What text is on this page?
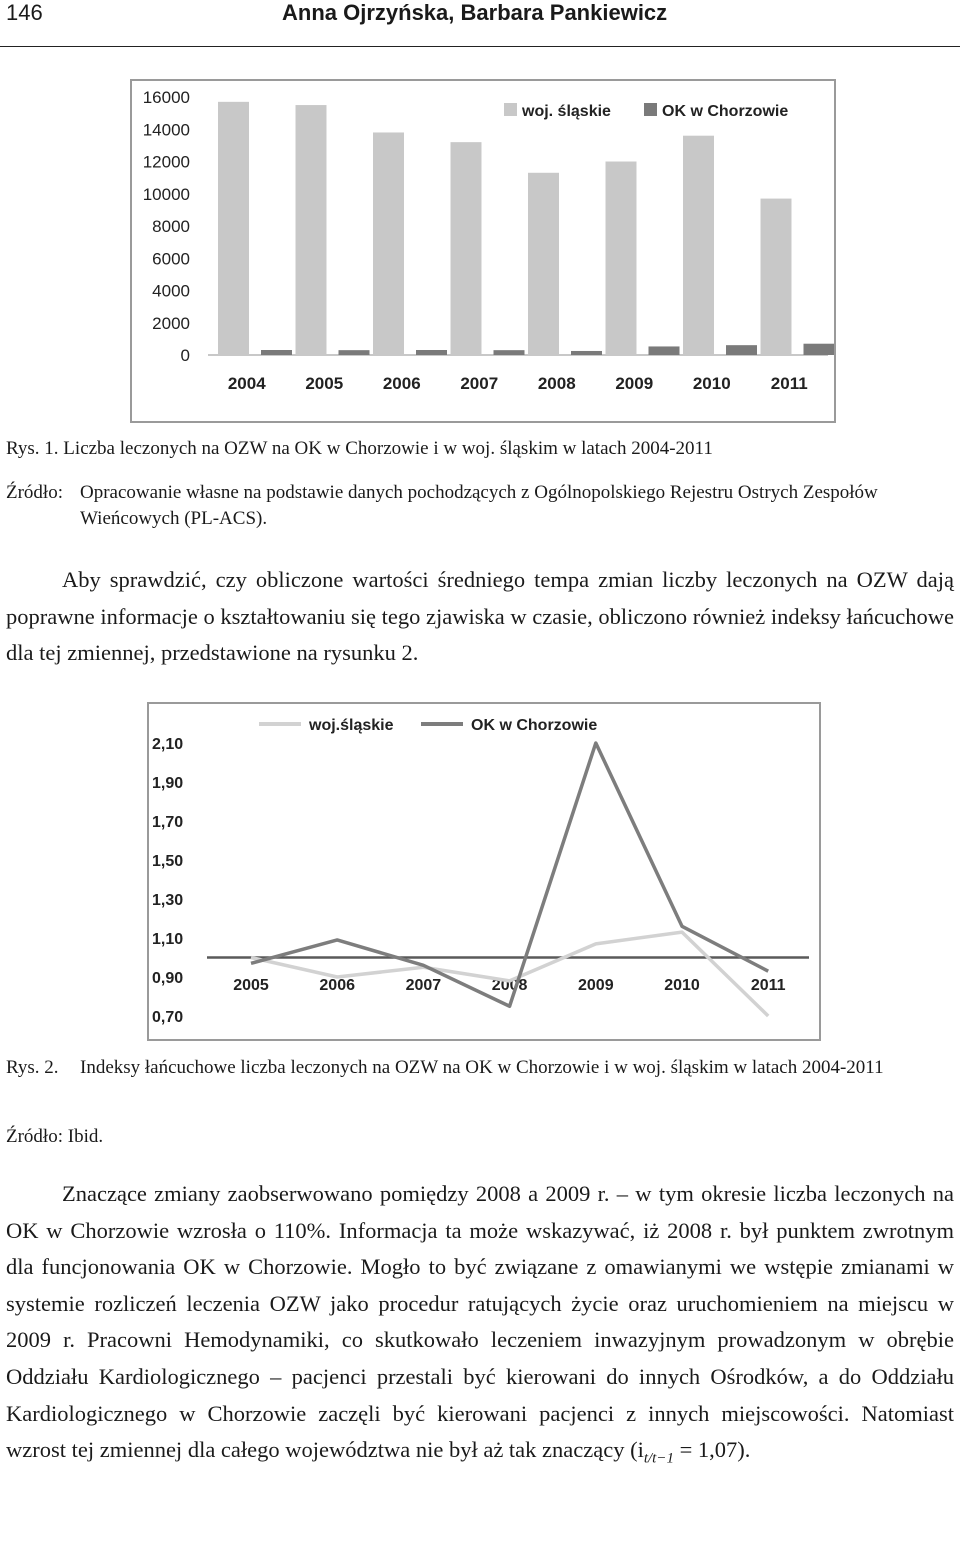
146	Anna Ojrzyńska, Barbara Pankiewicz
0
2000
4000
6000
8000
10000
12000
14000
16000
2004 2005 2006 2007 2008 2009 2010 2011
woj. śląskie	OK w Chorzowie
Rys. 1. Liczba leczonych na OZW na OK w Chorzowie i w woj. śląskim w latach 2004-2011
Źródło: Opracowanie własne na podstawie danych pochodzących z Ogólnopolskiego Rejestru Ostrych Zespołów Wieńcowych (PL-ACS).
Aby sprawdzić, czy obliczone wartości średniego tempa zmian liczby leczonych na OZW dają poprawne informacje o kształtowaniu się tego zjawiska w czasie, obliczono również indeksy łańcuchowe dla tej zmiennej, przedstawione na rysunku 2.
0,70
0,90
1,10
1,30
1,50
1,70
1,90
2,10
2005	2006	2007	2008	2009	2010	2011
woj.śląskie	OK w Chorzowie
Rys. 2.	Indeksy łańcuchowe liczba leczonych na OZW na OK w Chorzowie i w woj. śląskim w latach 2004-2011
Źródło: Ibid.
Znaczące zmiany zaobserwowano pomiędzy 2008 a 2009 r. – w tym okresie liczba leczonych na OK w Chorzowie wzrosła o 110%. Informacja ta może wskazywać, iż 2008 r. był punktem zwrotnym dla funcjonowania OK w Chorzowie. Mogło to być związane z omawianymi we wstępie zmianami w systemie rozliczeń leczenia OZW jako procedur ratujących życie oraz uruchomieniem na miejscu w 2009 r. Pracowni Hemodynamiki, co skutkowało leczeniem inwazyjnym prowadzonym w obrębie Oddziału Kardiologicznego – pacjenci przestali być kierowani do innych Ośrodków, a do Oddziału Kardiologicznego w Chorzowie zaczęli być kierowani pacjenci z innych miejscowości. Natomiast wzrost tej zmiennej dla całego województwa nie był aż tak znaczący $(i_{t/t-1} = 1,07)$.
